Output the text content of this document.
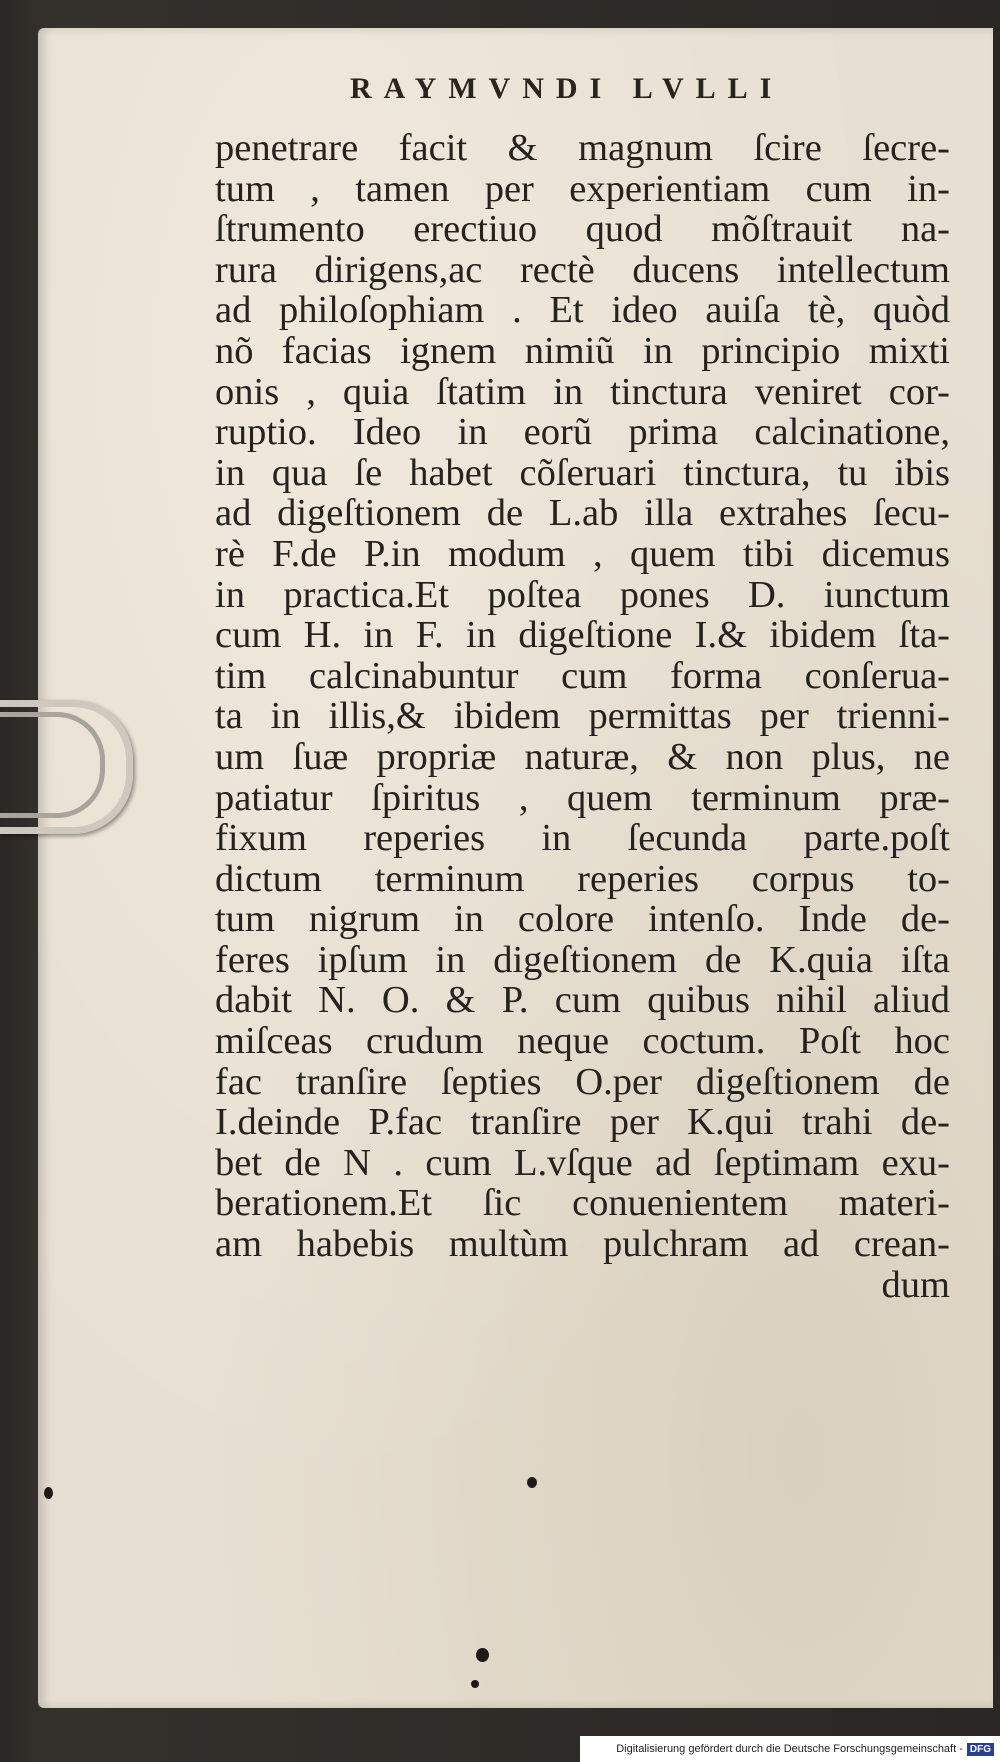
RAYMVNDI LVLLI
penetrare facit & magnum ſcire ſecre-
tum , tamen per experientiam cum in-
ſtrumento erectiuo quod mõſtrauit na-
rura dirigens,ac rectè ducens intellectum
ad philoſophiam . Et ideo auiſa tè, quòd
nõ facias ignem nimiũ in principio mixti
onis , quia ſtatim in tinctura veniret cor-
ruptio. Ideo in eorũ prima calcinatione,
in qua ſe habet cõſeruari tinctura, tu ibis
ad digeſtionem de L.ab illa extrahes ſecu-
rè F.de P.in modum , quem tibi dicemus
in practica.Et poſtea pones D. iunctum
cum H. in F. in digeſtione I.& ibidem ſta-
tim calcinabuntur cum forma conſerua-
ta in illis,& ibidem permittas per trienni-
um ſuæ propriæ naturæ, & non plus, ne
patiatur ſpiritus , quem terminum præ-
fixum reperies in ſecunda parte.poſt
dictum terminum reperies corpus to-
tum nigrum in colore intenſo. Inde de-
feres ipſum in digeſtionem de K.quia iſta
dabit N. O. & P. cum quibus nihil aliud
miſceas crudum neque coctum. Poſt hoc
fac tranſire ſepties O.per digeſtionem de
I.deinde P.fac tranſire per K.qui trahi de-
bet de N . cum L.vſque ad ſeptimam exu-
berationem.Et ſic conuenientem materi-
am habebis multùm pulchram ad crean-
dum
Digitalisierung gefördert durch die Deutsche Forschungsgemeinschaft - DFG
